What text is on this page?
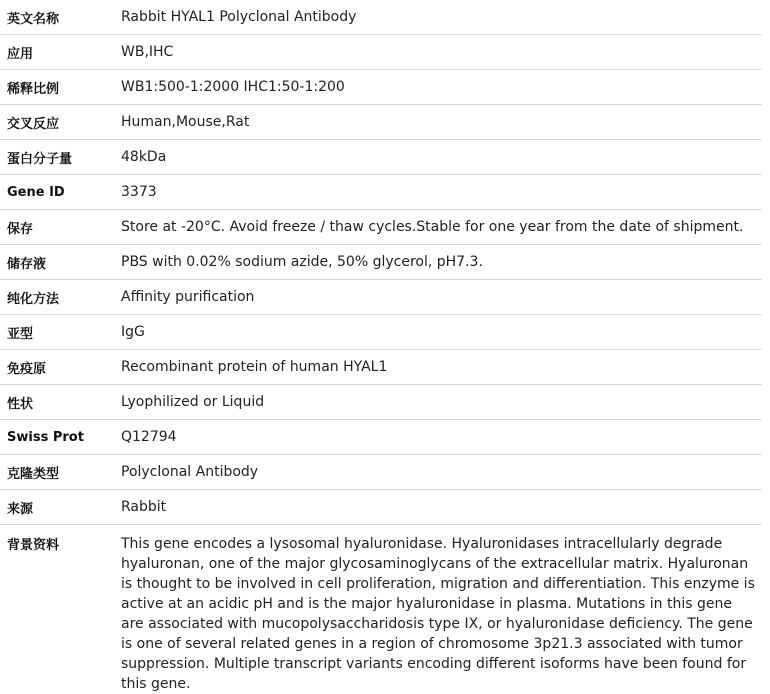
英文名称	Rabbit HYAL1 Polyclonal Antibody
应用	WB,IHC
稀释比例	WB1:500-1:2000 IHC1:50-1:200
交叉反应	Human,Mouse,Rat
蛋白分子量	48kDa
Gene ID	3373
保存	Store at -20°C. Avoid freeze / thaw cycles.Stable for one year from the date of shipment.
储存液	PBS with 0.02% sodium azide, 50% glycerol, pH7.3.
纯化方法	Affinity purification
亚型	IgG
免疫原	Recombinant protein of human HYAL1
性状	Lyophilized or Liquid
Swiss Prot	Q12794
克隆类型	Polyclonal Antibody
来源	Rabbit
背景资料	This gene encodes a lysosomal hyaluronidase. Hyaluronidases intracellularly degrade hyaluronan, one of the major glycosaminoglycans of the extracellular matrix. Hyaluronan is thought to be involved in cell proliferation, migration and differentiation. This enzyme is active at an acidic pH and is the major hyaluronidase in plasma. Mutations in this gene are associated with mucopolysaccharidosis type IX, or hyaluronidase deficiency. The gene is one of several related genes in a region of chromosome 3p21.3 associated with tumor suppression. Multiple transcript variants encoding different isoforms have been found for this gene.
